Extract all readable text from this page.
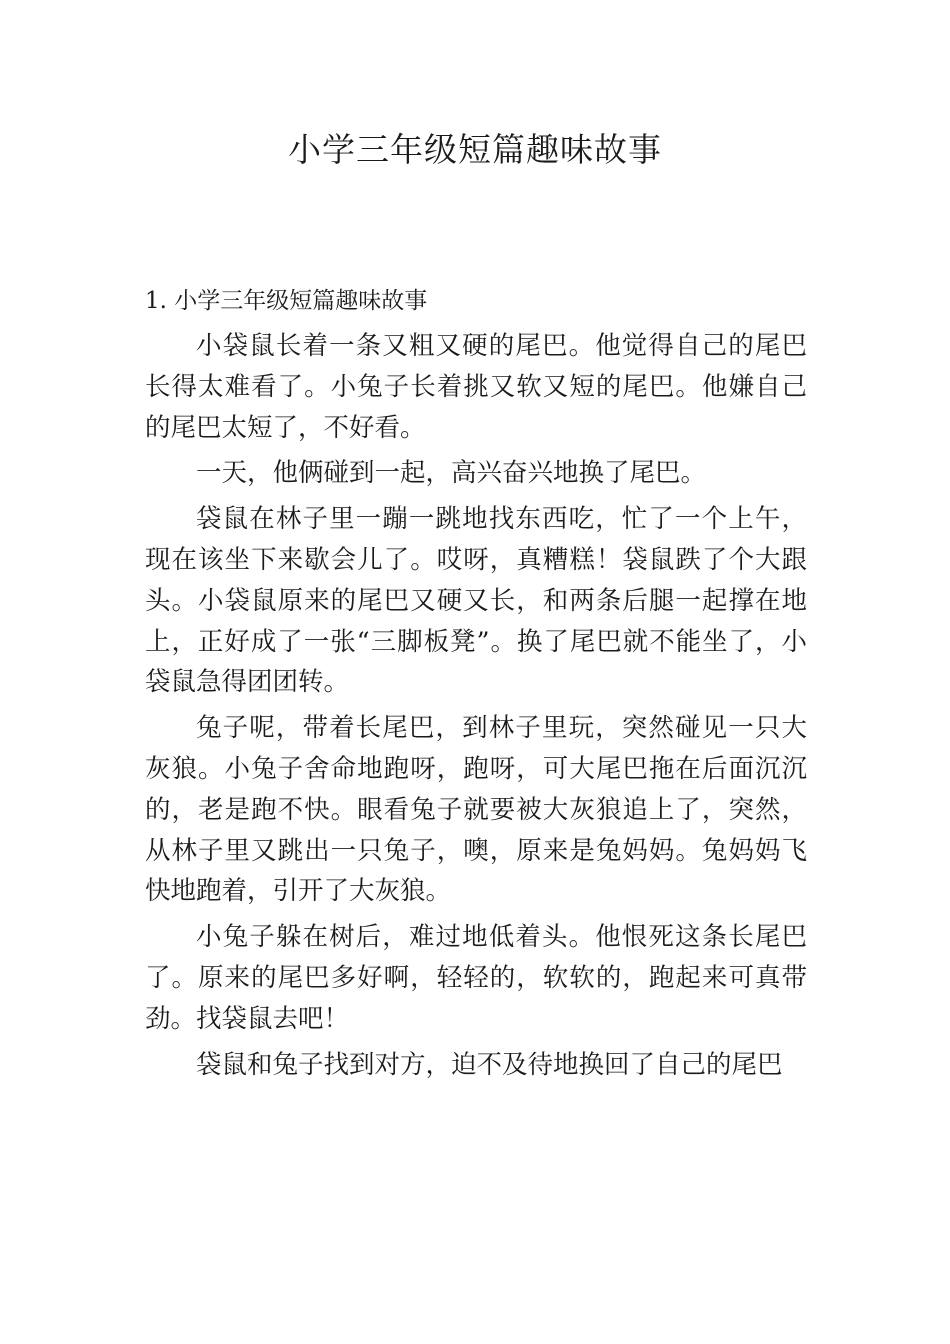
小学三年级短篇趣味故事

1. 小学三年级短篇趣味故事

小袋鼠长着一条又粗又硬的尾巴。他觉得自己的尾巴长得太难看了。小兔子长着挑又软又短的尾巴。他嫌自己的尾巴太短了，不好看。

一天，他俩碰到一起，高兴奋兴地换了尾巴。

袋鼠在林子里一蹦一跳地找东西吃，忙了一个上午，现在该坐下来歇会儿了。哎呀，真糟糕！袋鼠跌了个大跟头。小袋鼠原来的尾巴又硬又长，和两条后腿一起撑在地上，正好成了一张“三脚板凳”。换了尾巴就不能坐了，小袋鼠急得团团转。

兔子呢，带着长尾巴，到林子里玩，突然碰见一只大灰狼。小兔子舍命地跑呀，跑呀，可大尾巴拖在后面沉沉的，老是跑不快。眼看兔子就要被大灰狼追上了，突然，从林子里又跳出一只兔子，噢，原来是兔妈妈。兔妈妈飞快地跑着，引开了大灰狼。

小兔子躲在树后，难过地低着头。他恨死这条长尾巴了。原来的尾巴多好啊，轻轻的，软软的，跑起来可真带劲。找袋鼠去吧！

袋鼠和兔子找到对方，迫不及待地换回了自己的尾巴
